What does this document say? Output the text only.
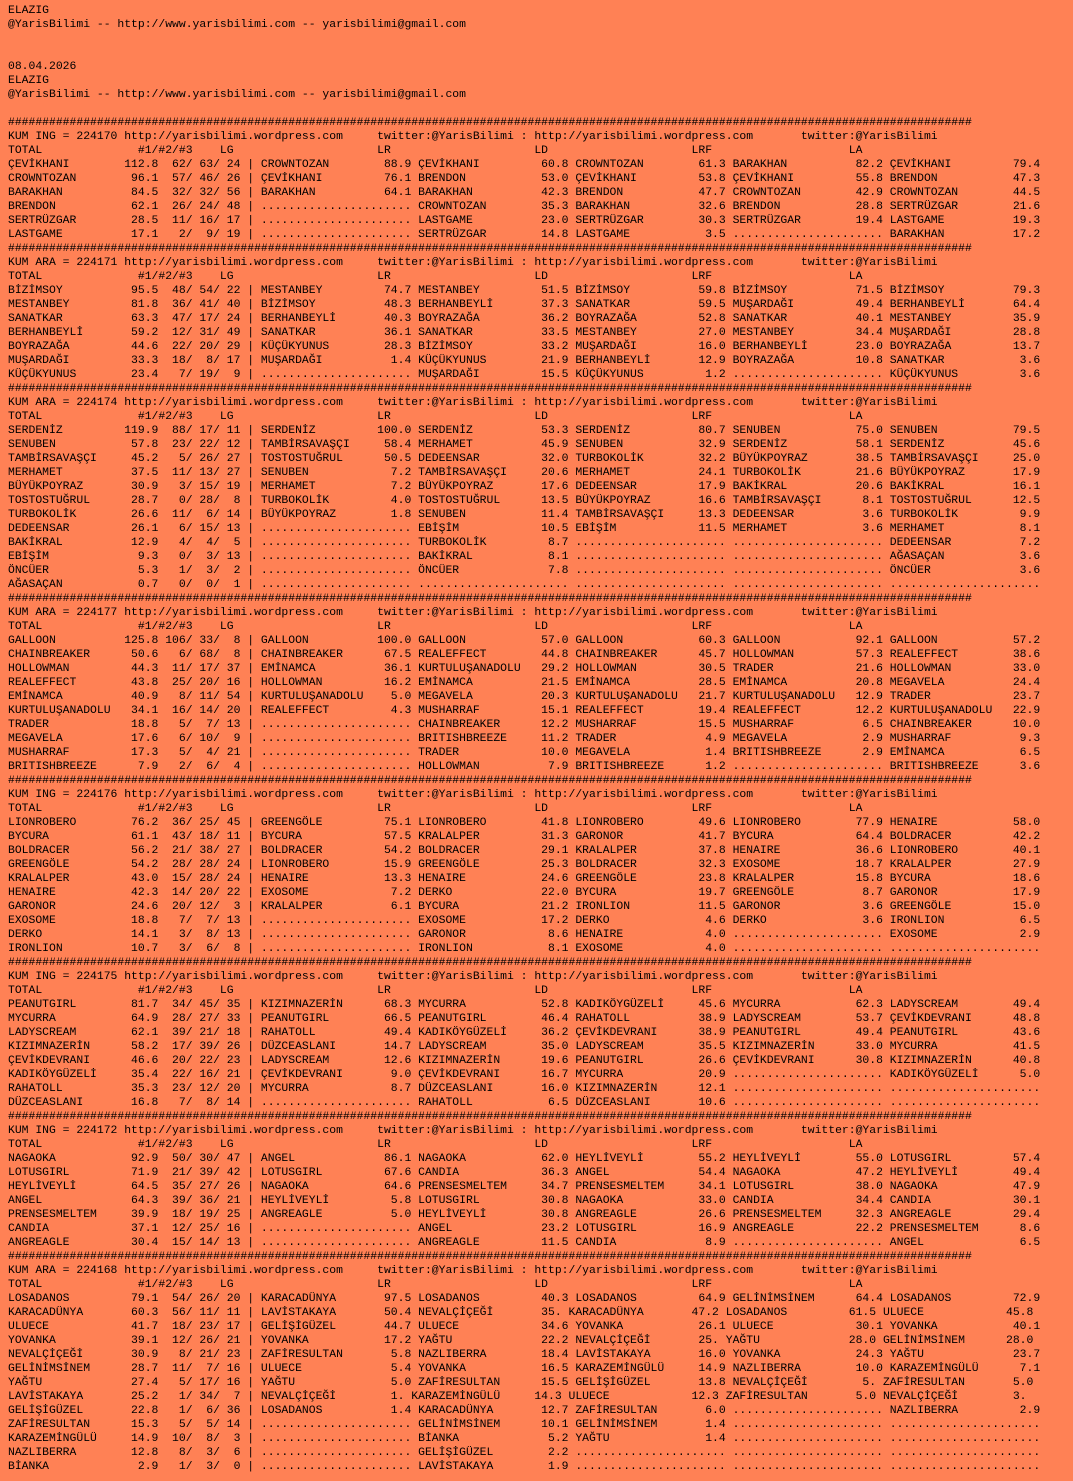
ELAZIG
@YarisBilimi -- http://www.yarisbilimi.com -- yarisbilimi@gmail.com
08.04.2026
ELAZIG
@YarisBilimi -- http://www.yarisbilimi.com -- yarisbilimi@gmail.com
#############################################################################################################################################
KUM ING = 224170 http://yarisbilimi.wordpress.com     twitter:@YarisBilimi : http://yarisbilimi.wordpress.com       twitter:@YarisBilimi
TOTAL              #1/#2/#3    LG                     LR                     LD                     LRF                    LA
ÇEVİKHANI        112.8  62/ 63/ 24 | CROWNTOZAN        88.9 ÇEVİKHANI         60.8 CROWNTOZAN        61.3 BARAKHAN          82.2 ÇEVİKHANI         79.4
CROWNTOZAN        96.1  57/ 46/ 26 | ÇEVİKHANI         76.1 BRENDON           53.0 ÇEVİKHANI         53.8 ÇEVİKHANI         55.8 BRENDON           47.3
BARAKHAN          84.5  32/ 32/ 56 | BARAKHAN          64.1 BARAKHAN          42.3 BRENDON           47.7 CROWNTOZAN        42.9 CROWNTOZAN        44.5
BRENDON           62.1  26/ 24/ 48 | ...................... CROWNTOZAN        35.3 BARAKHAN          32.6 BRENDON           28.8 SERTRÜZGAR        21.6
SERTRÜZGAR        28.5  11/ 16/ 17 | ...................... LASTGAME          23.0 SERTRÜZGAR        30.3 SERTRÜZGAR        19.4 LASTGAME          19.3
LASTGAME          17.1   2/  9/ 19 | ...................... SERTRÜZGAR        14.8 LASTGAME           3.5 ...................... BARAKHAN          17.2
#############################################################################################################################################
KUM ARA = 224171 http://yarisbilimi.wordpress.com     twitter:@YarisBilimi : http://yarisbilimi.wordpress.com       twitter:@YarisBilimi
TOTAL              #1/#2/#3    LG                     LR                     LD                     LRF                    LA
BİZİMSOY          95.5  48/ 54/ 22 | MESTANBEY         74.7 MESTANBEY         51.5 BİZİMSOY          59.8 BİZİMSOY          71.5 BİZİMSOY          79.3
MESTANBEY         81.8  36/ 41/ 40 | BİZİMSOY          48.3 BERHANBEYLİ       37.3 SANATKAR          59.5 MUŞARDAĞI         49.4 BERHANBEYLİ       64.4
SANATKAR          63.3  47/ 17/ 24 | BERHANBEYLİ       40.3 BOYRAZAĞA         36.2 BOYRAZAĞA         52.8 SANATKAR          40.1 MESTANBEY         35.9
BERHANBEYLİ       59.2  12/ 31/ 49 | SANATKAR          36.1 SANATKAR          33.5 MESTANBEY         27.0 MESTANBEY         34.4 MUŞARDAĞI         28.8
BOYRAZAĞA         44.6  22/ 20/ 29 | KÜÇÜKYUNUS        28.3 BİZİMSOY          33.2 MUŞARDAĞI         16.0 BERHANBEYLİ       23.0 BOYRAZAĞA         13.7
MUŞARDAĞI         33.3  18/  8/ 17 | MUŞARDAĞI          1.4 KÜÇÜKYUNUS        21.9 BERHANBEYLİ       12.9 BOYRAZAĞA         10.8 SANATKAR           3.6
KÜÇÜKYUNUS        23.4   7/ 19/  9 | ...................... MUŞARDAĞI         15.5 KÜÇÜKYUNUS         1.2 ...................... KÜÇÜKYUNUS         3.6
#############################################################################################################################################
KUM ARA = 224174 http://yarisbilimi.wordpress.com     twitter:@YarisBilimi : http://yarisbilimi.wordpress.com       twitter:@YarisBilimi
TOTAL              #1/#2/#3    LG                     LR                     LD                     LRF                    LA
SERDENİZ         119.9  88/ 17/ 11 | SERDENİZ         100.0 SERDENİZ          53.3 SERDENİZ          80.7 SENUBEN           75.0 SENUBEN           79.5
SENUBEN           57.8  23/ 22/ 12 | TAMBİRSAVAŞÇI     58.4 MERHAMET          45.9 SENUBEN           32.9 SERDENİZ          58.1 SERDENİZ          45.6
TAMBİRSAVAŞÇI     45.2   5/ 26/ 27 | TOSTOSTUĞRUL      50.5 DEDEENSAR         32.0 TURBOKOLİK        32.2 BÜYÜKPOYRAZ       38.5 TAMBİRSAVAŞÇI     25.0
MERHAMET          37.5  11/ 13/ 27 | SENUBEN            7.2 TAMBİRSAVAŞÇI     20.6 MERHAMET          24.1 TURBOKOLİK        21.6 BÜYÜKPOYRAZ       17.9
BÜYÜKPOYRAZ       30.9   3/ 15/ 19 | MERHAMET           7.2 BÜYÜKPOYRAZ       17.6 DEDEENSAR         17.9 BAKİKRAL          20.6 BAKİKRAL          16.1
TOSTOSTUĞRUL      28.7   0/ 28/  8 | TURBOKOLİK         4.0 TOSTOSTUĞRUL      13.5 BÜYÜKPOYRAZ       16.6 TAMBİRSAVAŞÇI      8.1 TOSTOSTUĞRUL      12.5
TURBOKOLİK        26.6  11/  6/ 14 | BÜYÜKPOYRAZ        1.8 SENUBEN           11.4 TAMBİRSAVAŞÇI     13.3 DEDEENSAR          3.6 TURBOKOLİK         9.9
DEDEENSAR         26.1   6/ 15/ 13 | ...................... EBİŞİM            10.5 EBİŞİM            11.5 MERHAMET           3.6 MERHAMET           8.1
BAKİKRAL          12.9   4/  4/  5 | ...................... TURBOKOLİK         8.7 ...................... ...................... DEDEENSAR          7.2
EBİŞİM             9.3   0/  3/ 13 | ...................... BAKİKRAL           8.1 ...................... ...................... AĞASAÇAN           3.6
ÖNCÜER             5.3   1/  3/  2 | ...................... ÖNCÜER             7.8 ...................... ...................... ÖNCÜER             3.6
AĞASAÇAN           0.7   0/  0/  1 | ...................... ...................... ...................... ...................... ......................
#############################################################################################################################################
KUM ARA = 224177 http://yarisbilimi.wordpress.com     twitter:@YarisBilimi : http://yarisbilimi.wordpress.com       twitter:@YarisBilimi
TOTAL              #1/#2/#3    LG                     LR                     LD                     LRF                    LA
GALLOON          125.8 106/ 33/  8 | GALLOON          100.0 GALLOON           57.0 GALLOON           60.3 GALLOON           92.1 GALLOON           57.2
CHAINBREAKER      50.6   6/ 68/  8 | CHAINBREAKER      67.5 REALEFFECT        44.8 CHAINBREAKER      45.7 HOLLOWMAN         57.3 REALEFFECT        38.6
HOLLOWMAN         44.3  11/ 17/ 37 | EMİNAMCA          36.1 KURTULUŞANADOLU   29.2 HOLLOWMAN         30.5 TRADER            21.6 HOLLOWMAN         33.0
REALEFFECT        43.8  25/ 20/ 16 | HOLLOWMAN         16.2 EMİNAMCA          21.5 EMİNAMCA          28.5 EMİNAMCA          20.8 MEGAVELA          24.4
EMİNAMCA          40.9   8/ 11/ 54 | KURTULUŞANADOLU    5.0 MEGAVELA          20.3 KURTULUŞANADOLU   21.7 KURTULUŞANADOLU   12.9 TRADER            23.7
KURTULUŞANADOLU   34.1  16/ 14/ 20 | REALEFFECT         4.3 MUSHARRAF         15.1 REALEFFECT        19.4 REALEFFECT        12.2 KURTULUŞANADOLU   22.9
TRADER            18.8   5/  7/ 13 | ...................... CHAINBREAKER      12.2 MUSHARRAF         15.5 MUSHARRAF          6.5 CHAINBREAKER      10.0
MEGAVELA          17.6   6/ 10/  9 | ...................... BRITISHBREEZE     11.2 TRADER             4.9 MEGAVELA           2.9 MUSHARRAF          9.3
MUSHARRAF         17.3   5/  4/ 21 | ...................... TRADER            10.0 MEGAVELA           1.4 BRITISHBREEZE      2.9 EMİNAMCA           6.5
BRITISHBREEZE      7.9   2/  6/  4 | ...................... HOLLOWMAN          7.9 BRITISHBREEZE      1.2 ...................... BRITISHBREEZE      3.6
#############################################################################################################################################
KUM ING = 224176 http://yarisbilimi.wordpress.com     twitter:@YarisBilimi : http://yarisbilimi.wordpress.com       twitter:@YarisBilimi
TOTAL              #1/#2/#3    LG                     LR                     LD                     LRF                    LA
LIONROBERO        76.2  36/ 25/ 45 | GREENGÖLE         75.1 LIONROBERO        41.8 LIONROBERO        49.6 LIONROBERO        77.9 HENAIRE           58.0
BYCURA            61.1  43/ 18/ 11 | BYCURA            57.5 KRALALPER         31.3 GARONOR           41.7 BYCURA            64.4 BOLDRACER         42.2
BOLDRACER         56.2  21/ 38/ 27 | BOLDRACER         54.2 BOLDRACER         29.1 KRALALPER         37.8 HENAIRE           36.6 LIONROBERO        40.1
GREENGÖLE         54.2  28/ 28/ 24 | LIONROBERO        15.9 GREENGÖLE         25.3 BOLDRACER         32.3 EXOSOME           18.7 KRALALPER         27.9
KRALALPER         43.0  15/ 28/ 24 | HENAIRE           13.3 HENAIRE           24.6 GREENGÖLE         23.8 KRALALPER         15.8 BYCURA            18.6
HENAIRE           42.3  14/ 20/ 22 | EXOSOME            7.2 DERKO             22.0 BYCURA            19.7 GREENGÖLE          8.7 GARONOR           17.9
GARONOR           24.6  20/ 12/  3 | KRALALPER          6.1 BYCURA            21.2 IRONLION          11.5 GARONOR            3.6 GREENGÖLE         15.0
EXOSOME           18.8   7/  7/ 13 | ...................... EXOSOME           17.2 DERKO              4.6 DERKO              3.6 IRONLION           6.5
DERKO             14.1   3/  8/ 13 | ...................... GARONOR            8.6 HENAIRE            4.0 ...................... EXOSOME            2.9
IRONLION          10.7   3/  6/  8 | ...................... IRONLION           8.1 EXOSOME            4.0 ...................... ......................
#############################################################################################################################################
KUM ING = 224175 http://yarisbilimi.wordpress.com     twitter:@YarisBilimi : http://yarisbilimi.wordpress.com       twitter:@YarisBilimi
TOTAL              #1/#2/#3    LG                     LR                     LD                     LRF                    LA
PEANUTGIRL        81.7  34/ 45/ 35 | KIZIMNAZERİN      68.3 MYCURRA           52.8 KADIKÖYGÜZELİ     45.6 MYCURRA           62.3 LADYSCREAM        49.4
MYCURRA           64.9  28/ 27/ 33 | PEANUTGIRL        66.5 PEANUTGIRL        46.4 RAHATOLL          38.9 LADYSCREAM        53.7 ÇEVİKDEVRANI      48.8
LADYSCREAM        62.1  39/ 21/ 18 | RAHATOLL          49.4 KADIKÖYGÜZELİ     36.2 ÇEVİKDEVRANI      38.9 PEANUTGIRL        49.4 PEANUTGIRL        43.6
KIZIMNAZERİN      58.2  17/ 39/ 26 | DÜZCEASLANI       14.7 LADYSCREAM        35.0 LADYSCREAM        35.5 KIZIMNAZERİN      33.0 MYCURRA           41.5
ÇEVİKDEVRANI      46.6  20/ 22/ 23 | LADYSCREAM        12.6 KIZIMNAZERİN      19.6 PEANUTGIRL        26.6 ÇEVİKDEVRANI      30.8 KIZIMNAZERİN      40.8
KADIKÖYGÜZELİ     35.4  22/ 16/ 21 | ÇEVİKDEVRANI       9.0 ÇEVİKDEVRANI      16.7 MYCURRA           20.9 ...................... KADIKÖYGÜZELİ      5.0
RAHATOLL          35.3  23/ 12/ 20 | MYCURRA            8.7 DÜZCEASLANI       16.0 KIZIMNAZERİN      12.1 ...................... ......................
DÜZCEASLANI       16.8   7/  8/ 14 | ...................... RAHATOLL           6.5 DÜZCEASLANI       10.6 ...................... ......................
#############################################################################################################################################
KUM ING = 224172 http://yarisbilimi.wordpress.com     twitter:@YarisBilimi : http://yarisbilimi.wordpress.com       twitter:@YarisBilimi
TOTAL              #1/#2/#3    LG                     LR                     LD                     LRF                    LA
NAGAOKA           92.9  50/ 30/ 47 | ANGEL             86.1 NAGAOKA           62.0 HEYLİVEYLİ        55.2 HEYLİVEYLİ        55.0 LOTUSGIRL         57.4
LOTUSGIRL         71.9  21/ 39/ 42 | LOTUSGIRL         67.6 CANDIA            36.3 ANGEL             54.4 NAGAOKA           47.2 HEYLİVEYLİ        49.4
HEYLİVEYLİ        64.5  35/ 27/ 26 | NAGAOKA           64.6 PRENSESMELTEM     34.7 PRENSESMELTEM     34.1 LOTUSGIRL         38.0 NAGAOKA           47.9
ANGEL             64.3  39/ 36/ 21 | HEYLİVEYLİ         5.8 LOTUSGIRL         30.8 NAGAOKA           33.0 CANDIA            34.4 CANDIA            30.1
PRENSESMELTEM     39.9  18/ 19/ 25 | ANGREAGLE          5.0 HEYLİVEYLİ        30.8 ANGREAGLE         26.6 PRENSESMELTEM     32.3 ANGREAGLE         29.4
CANDIA            37.1  12/ 25/ 16 | ...................... ANGEL             23.2 LOTUSGIRL         16.9 ANGREAGLE         22.2 PRENSESMELTEM      8.6
ANGREAGLE         30.4  15/ 14/ 13 | ...................... ANGREAGLE         11.5 CANDIA             8.9 ...................... ANGEL              6.5
#############################################################################################################################################
KUM ARA = 224168 http://yarisbilimi.wordpress.com     twitter:@YarisBilimi : http://yarisbilimi.wordpress.com       twitter:@YarisBilimi
TOTAL              #1/#2/#3    LG                     LR                     LD                     LRF                    LA
LOSADANOS         79.1  54/ 26/ 20 | KARACADÜNYA       97.5 LOSADANOS         40.3 LOSADANOS         64.9 GELİNİMSİNEM      64.4 LOSADANOS         72.9
KARACADÜNYA       60.3  56/ 11/ 11 | LAVİSTAKAYA       50.4 NEVALÇİÇEĞİ       35. KARACADÜNYA       47.2 LOSADANOS         61.5 ULUECE            45.8
ULUECE            41.7  18/ 23/ 17 | GELİŞİGÜZEL       44.7 ULUECE            34.6 YOVANKA           26.1 ULUECE            30.1 YOVANKA           40.1
YOVANKA           39.1  12/ 26/ 21 | YOVANKA           17.2 YAĞTU             22.2 NEVALÇİÇEĞİ       25. YAĞTU             28.0 GELİNİMSİNEM      28.0
NEVALÇİÇEĞİ       30.9   8/ 21/ 23 | ZAFİRESULTAN       5.8 NAZLIBERRA        18.4 LAVİSTAKAYA       16.0 YOVANKA           24.3 YAĞTU             23.7
GELİNİMSİNEM      28.7  11/  7/ 16 | ULUECE             5.4 YOVANKA           16.5 KARAZEMİNGÜLÜ     14.9 NAZLIBERRA        10.0 KARAZEMİNGÜLÜ      7.1
YAĞTU             27.4   5/ 17/ 16 | YAĞTU              5.0 ZAFİRESULTAN      15.5 GELİŞİGÜZEL       13.8 NEVALÇİÇEĞİ        5. ZAFİRESULTAN       5.0
LAVİSTAKAYA       25.2   1/ 34/  7 | NEVALÇİÇEĞİ        1. KARAZEMİNGÜLÜ     14.3 ULUECE            12.3 ZAFİRESULTAN       5.0 NEVALÇİÇEĞİ        3.
GELİŞİGÜZEL       22.8   1/  6/ 36 | LOSADANOS          1.4 KARACADÜNYA       12.7 ZAFİRESULTAN       6.0 ...................... NAZLIBERRA         2.9
ZAFİRESULTAN      15.3   5/  5/ 14 | ...................... GELİNİMSİNEM      10.1 GELİNİMSİNEM       1.4 ...................... ......................
KARAZEMİNGÜLÜ     14.9  10/  8/  3 | ...................... BİANKA             5.2 YAĞTU              1.4 ...................... ......................
NAZLIBERRA        12.8   8/  3/  6 | ...................... GELİŞİGÜZEL        2.2 ...................... ...................... ......................
BİANKA             2.9   1/  3/  0 | ...................... LAVİSTAKAYA        1.9 ...................... ...................... ......................
